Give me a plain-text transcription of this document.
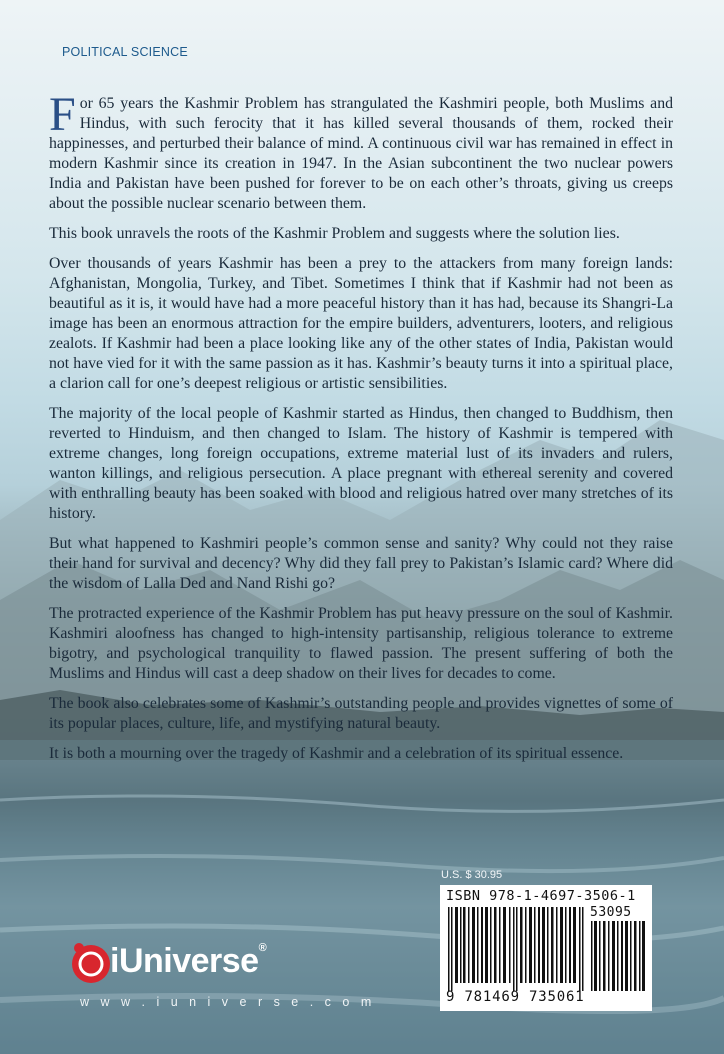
POLITICAL SCIENCE

For 65 years the Kashmir Problem has strangulated the Kashmiri people, both Muslims and Hindus, with such ferocity that it has killed several thousands of them, rocked their happinesses, and perturbed their balance of mind. A continuous civil war has remained in effect in modern Kashmir since its creation in 1947. In the Asian subcontinent the two nuclear powers India and Pakistan have been pushed for forever to be on each other’s throats, giving us creeps about the possible nuclear scenario between them.

This book unravels the roots of the Kashmir Problem and suggests where the solution lies.

Over thousands of years Kashmir has been a prey to the attackers from many foreign lands: Afghanistan, Mongolia, Turkey, and Tibet. Sometimes I think that if Kashmir had not been as beautiful as it is, it would have had a more peaceful history than it has had, because its Shangri-La image has been an enormous attraction for the empire builders, adventurers, looters, and religious zealots. If Kashmir had been a place looking like any of the other states of India, Pakistan would not have vied for it with the same passion as it has. Kashmir’s beauty turns it into a spiritual place, a clarion call for one’s deepest religious or artistic sensibilities.

The majority of the local people of Kashmir started as Hindus, then changed to Buddhism, then reverted to Hinduism, and then changed to Islam. The history of Kashmir is tempered with extreme changes, long foreign occupations, extreme material lust of its invaders and rulers, wanton killings, and religious persecution. A place pregnant with ethereal serenity and covered with enthralling beauty has been soaked with blood and religious hatred over many stretches of its history.

But what happened to Kashmiri people’s common sense and sanity? Why could not they raise their hand for survival and decency? Why did they fall prey to Pakistan’s Islamic card? Where did the wisdom of Lalla Ded and Nand Rishi go?

The protracted experience of the Kashmir Problem has put heavy pressure on the soul of Kashmir. Kashmiri aloofness has changed to high-intensity partisanship, religious tolerance to extreme bigotry, and psychological tranquility to flawed passion. The present suffering of both the Muslims and Hindus will cast a deep shadow on their lives for decades to come.

The book also celebrates some of Kashmir’s outstanding people and provides vignettes of some of its popular places, culture, life, and mystifying natural beauty.

It is both a mourning over the tragedy of Kashmir and a celebration of its spiritual essence.

U.S. $ 30.95
ISBN 978-1-4697-3506-1
53095
9 781469 735061
iUniverse®
w w w . i u n i v e r s e . c o m
